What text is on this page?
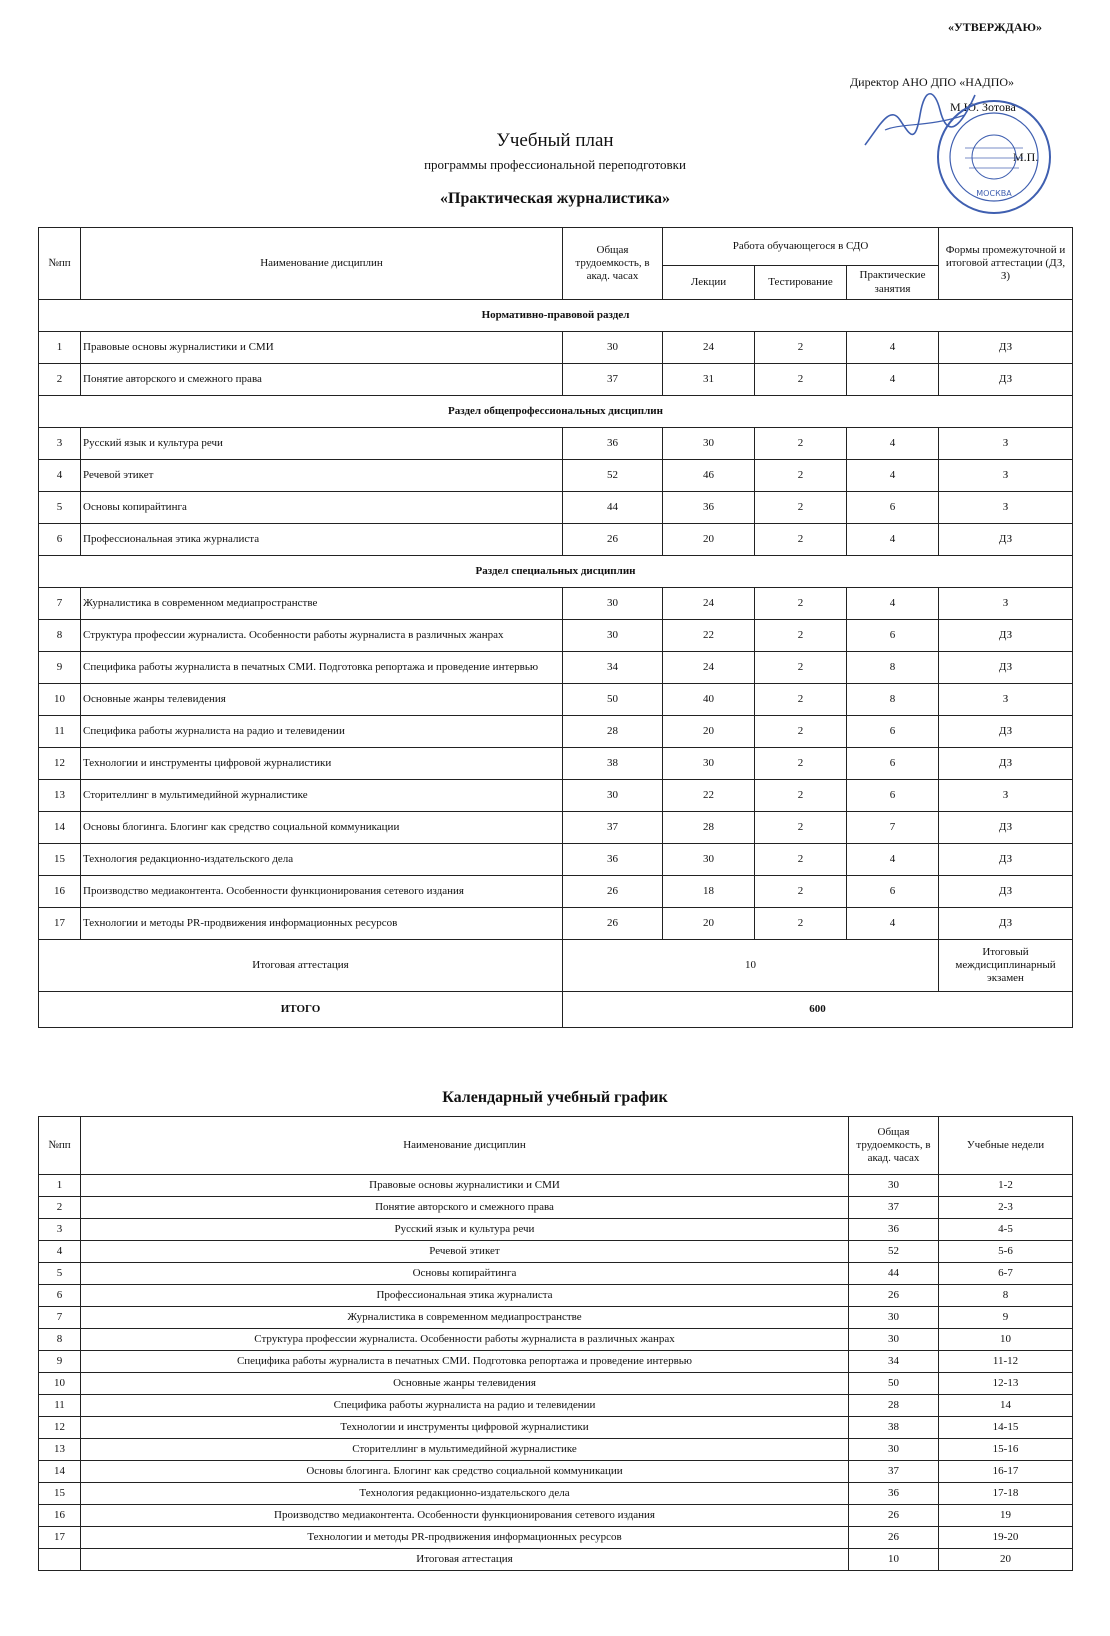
«УТВЕРЖДАЮ»
Директор АНО ДПО «НАДПО»
М.Ю. Зотова
М.П.
МОСКВА
Учебный план
программы профессиональной переподготовки
«Практическая журналистика»
№пп	Наименование дисциплин	Общая трудоемкость, в акад. часах	Работа обучающегося в СДО			Формы промежуточной и итоговой аттестации (ДЗ, З)
			Лекции	Тестирование	Практические занятия	
Нормативно-правовой раздел						
1	Правовые основы журналистики и СМИ	30	24	2	4	ДЗ
2	Понятие авторского и смежного права	37	31	2	4	ДЗ
Раздел общепрофессиональных дисциплин						
3	Русский язык и культура речи	36	30	2	4	З
4	Речевой этикет	52	46	2	4	З
5	Основы копирайтинга	44	36	2	6	З
6	Профессиональная этика журналиста	26	20	2	4	ДЗ
Раздел специальных дисциплин						
7	Журналистика в современном медиапространстве	30	24	2	4	З
8	Структура профессии журналиста. Особенности работы журналиста в различных жанрах	30	22	2	6	ДЗ
9	Специфика работы журналиста в печатных СМИ. Подготовка репортажа и проведение интервью	34	24	2	8	ДЗ
10	Основные жанры телевидения	50	40	2	8	З
11	Специфика работы журналиста на радио и телевидении	28	20	2	6	ДЗ
12	Технологии и инструменты цифровой журналистики	38	30	2	6	ДЗ
13	Сторителлинг в мультимедийной журналистике	30	22	2	6	З
14	Основы блогинга. Блогинг как средство социальной коммуникации	37	28	2	7	ДЗ
15	Технология редакционно-издательского дела	36	30	2	4	ДЗ
16	Производство медиаконтента. Особенности функционирования сетевого издания	26	18	2	6	ДЗ
17	Технологии и методы PR-продвижения информационных ресурсов	26	20	2	4	ДЗ
Итоговая аттестация		10				Итоговый междисциплинарный экзамен
ИТОГО		600				
Календарный учебный график
№пп	Наименование дисциплин	Общая трудоемкость, в акад. часах	Учебные недели
1	Правовые основы журналистики и СМИ	30	1-2
2	Понятие авторского и смежного права	37	2-3
3	Русский язык и культура речи	36	4-5
4	Речевой этикет	52	5-6
5	Основы копирайтинга	44	6-7
6	Профессиональная этика журналиста	26	8
7	Журналистика в современном медиапространстве	30	9
8	Структура профессии журналиста. Особенности работы журналиста в различных жанрах	30	10
9	Специфика работы журналиста в печатных СМИ. Подготовка репортажа и проведение интервью	34	11-12
10	Основные жанры телевидения	50	12-13
11	Специфика работы журналиста на радио и телевидении	28	14
12	Технологии и инструменты цифровой журналистики	38	14-15
13	Сторителлинг в мультимедийной журналистике	30	15-16
14	Основы блогинга. Блогинг как средство социальной коммуникации	37	16-17
15	Технология редакционно-издательского дела	36	17-18
16	Производство медиаконтента. Особенности функционирования сетевого издания	26	19
17	Технологии и методы PR-продвижения информационных ресурсов	26	19-20
	Итоговая аттестация	10	20
